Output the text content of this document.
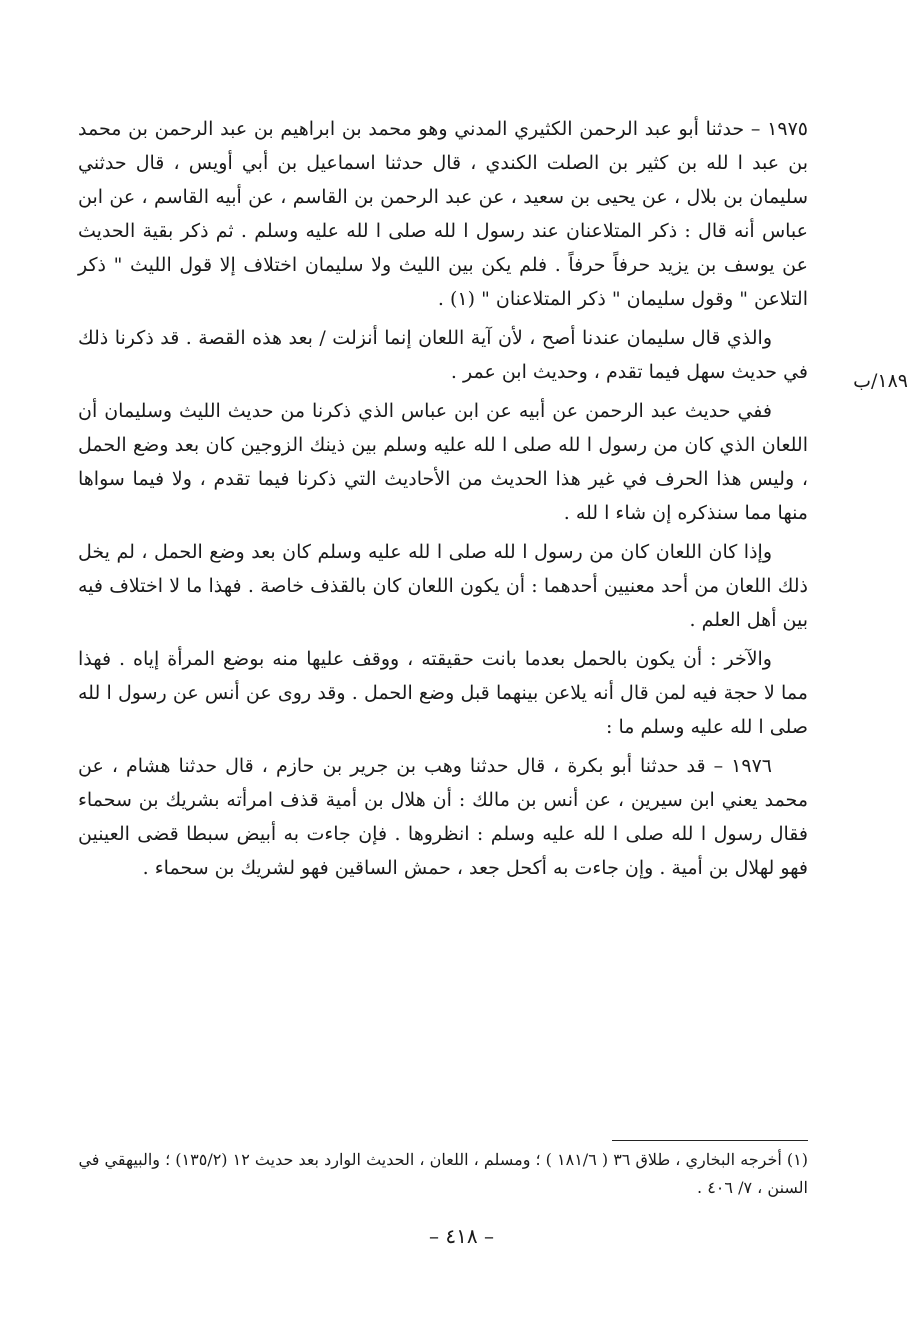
١٩٧٥ – حدثنا أبو عبد الرحمن الكثيري المدني وهو محمد بن ابراهيم بن عبد الرحمن بن محمد بن عبد ا لله بن كثير بن الصلت الكندي ، قال حدثنا اسماعيل بن أبي أويس ، قال حدثني سليمان بن بلال ، عن يحيى بن سعيد ، عن عبد الرحمن بن القاسم ، عن أبيه القاسم ، عن ابن عباس أنه قال : ذكر المتلاعنان عند رسول ا لله صلى ا لله عليه وسلم . ثم ذكر بقية الحديث عن يوسف بن يزيد حرفاً حرفاً . فلم يكن بين الليث ولا سليمان اختلاف إلا قول الليث " ذكر التلاعن " وقول سليمان " ذكر المتلاعنان " (١) .

والذي قال سليمان عندنا أصح ، لأن آية اللعان إنما أنزلت / بعد هذه القصة . قد ذكرنا ذلك في حديث سهل فيما تقدم ، وحديث ابن عمر .

ففي حديث عبد الرحمن عن أبيه عن ابن عباس الذي ذكرنا من حديث الليث وسليمان أن اللعان الذي كان من رسول ا لله صلى ا لله عليه وسلم بين ذينك الزوجين كان بعد وضع الحمل ، وليس هذا الحرف في غير هذا الحديث من الأحاديث التي ذكرنا فيما تقدم ، ولا فيما سواها منها مما سنذكره إن شاء ا لله .

وإذا كان اللعان كان من رسول ا لله صلى ا لله عليه وسلم كان بعد وضع الحمل ، لم يخل ذلك اللعان من أحد معنيين أحدهما : أن يكون اللعان كان بالقذف خاصة . فهذا ما لا اختلاف فيه بين أهل العلم .

والآخر : أن يكون بالحمل بعدما بانت حقيقته ، ووقف عليها منه بوضع المرأة إياه . فهذا مما لا حجة فيه لمن قال أنه يلاعن بينهما قبل وضع الحمل . وقد روى عن أنس عن رسول ا لله صلى ا لله عليه وسلم ما :

١٩٧٦ – قد حدثنا أبو بكرة ، قال حدثنا وهب بن جرير بن حازم ، قال حدثنا هشام ، عن محمد يعني ابن سيرين ، عن أنس بن مالك : أن هلال بن أمية قذف امرأته بشريك بن سحماء فقال رسول ا لله صلى ا لله عليه وسلم : انظروها . فإن جاءت به أبيض سبطا قضى العينين فهو لهلال بن أمية . وإن جاءت به أكحل جعد ، حمش الساقين فهو لشريك بن سحماء .

١٨٩/ب
(١) أخرجه البخاري ، طلاق ٣٦ ( ١٨١/٦ ) ؛ ومسلم ، اللعان ، الحديث الوارد بعد حديث ١٢ (١٣٥/٢) ؛ والبيهقي في السنن ، ٧/ ٤٠٦ .
– ٤١٨ –
